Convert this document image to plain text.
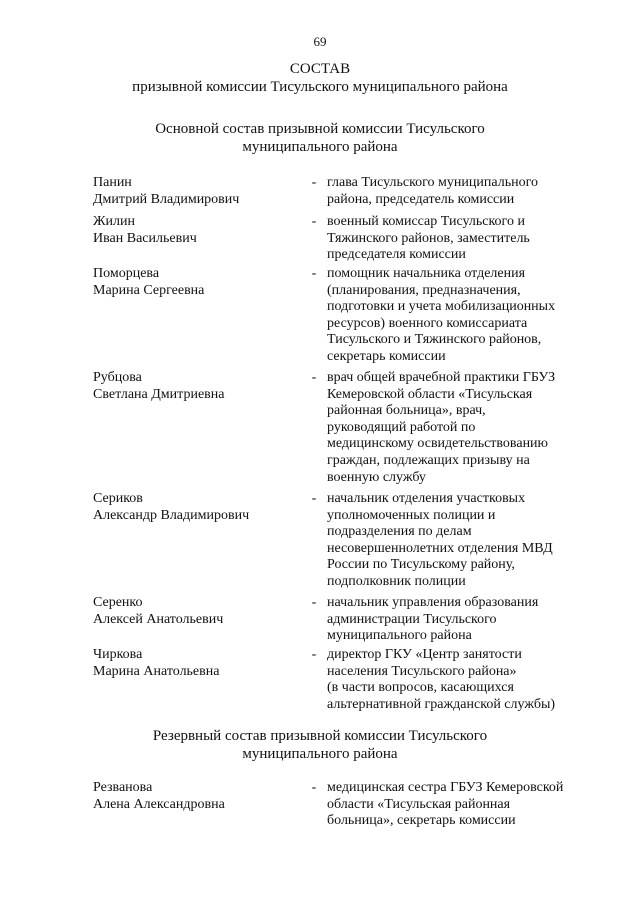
69
СОСТАВ
призывной комиссии Тисульского муниципального района
Основной состав призывной комиссии Тисульского
муниципального района
Панин
Дмитрий Владимирович
- глава Тисульского муниципального
района, председатель комиссии
Жилин
Иван Васильевич
- военный комиссар Тисульского и
Тяжинского районов, заместитель
председателя комиссии
Поморцева
Марина Сергеевна
- помощник начальника отделения
(планирования, предназначения,
подготовки и учета мобилизационных
ресурсов) военного комиссариата
Тисульского и Тяжинского районов,
секретарь комиссии
Рубцова
Светлана Дмитриевна
- врач общей врачебной практики ГБУЗ
Кемеровской области «Тисульская
районная больница», врач,
руководящий работой по
медицинскому освидетельствованию
граждан, подлежащих призыву на
военную службу
Сериков
Александр Владимирович
- начальник отделения участковых
уполномоченных полиции и
подразделения по делам
несовершеннолетних отделения МВД
России по Тисульскому району,
подполковник полиции
Серенко
Алексей Анатольевич
- начальник управления образования
администрации Тисульского
муниципального района
Чиркова
Марина Анатольевна
- директор ГКУ «Центр занятости
населения Тисульского района»
(в части вопросов, касающихся
альтернативной гражданской службы)
Резервный состав призывной комиссии Тисульского
муниципального района
Резванова
Алена Александровна
- медицинская сестра ГБУЗ Кемеровской
области «Тисульская районная
больница», секретарь комиссии
